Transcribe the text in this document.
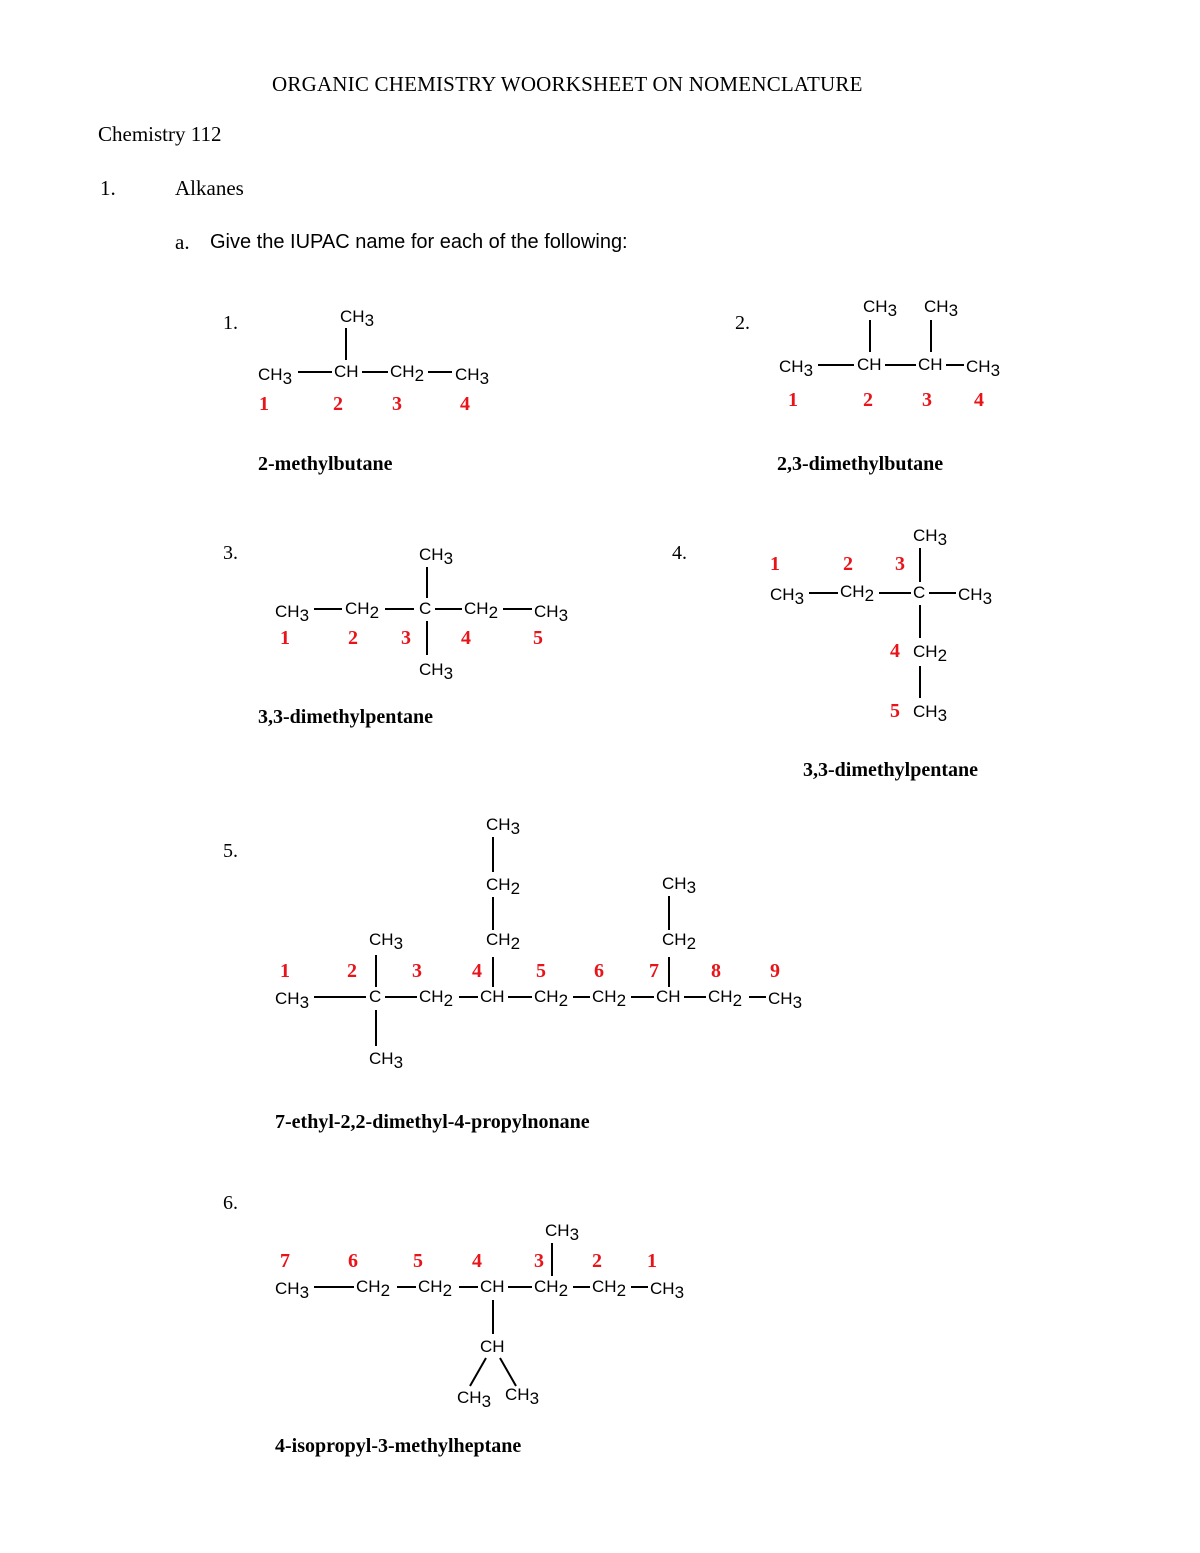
ORGANIC CHEMISTRY WOORKSHEET ON NOMENCLATURE
Chemistry 112
1.	Alkanes
a. Give the IUPAC name for each of the following:
1.	2.
3.	4.
5.
6.
2-methylbutane	2,3-dimethylbutane
3,3-dimethylpentane
3,3-dimethylpentane
7-ethyl-2,2-dimethyl-4-propylnonane
4-isopropyl-3-methylheptane
CH3
CH3 CH CH2 CH3
1	2 3	4
CH3 CH3
CH3	CH CH CH3
1	2 3 4
CH3
CH3 CH2 C CH2 CH3
CH3
1	2 3	4	5
CH3
1	2 3
CH3 CH2 C CH3
4 CH2
5 CH3
CH3
CH2
CH2
CH3
CH2
CH3
1	2	3	4	5 6 7	8 9
CH3	C CH2 CH CH2 CH2 CH CH2 CH3
CH3
CH3
7	6	5 4	3 2 1
CH3	CH2 CH2 CH CH2 CH2 CH3
CH
CH3 CH3
